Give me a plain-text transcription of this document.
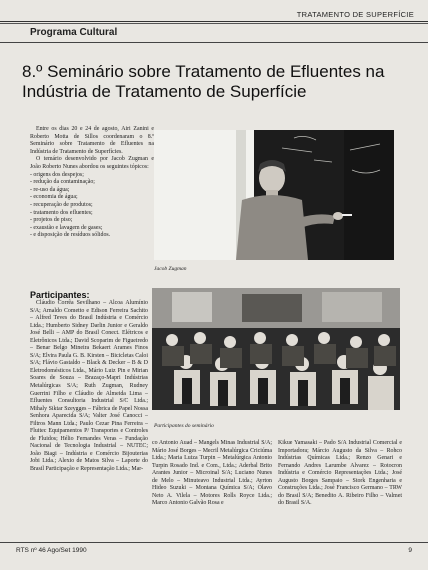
TRATAMENTO DE SUPERFÍCIE
Programa Cultural
8.º Seminário sobre Tratamento de Efluentes na Indústria de Tratamento de Superfície

Entre os dias 20 e 24 de agosto, Airi Zanini e Roberto Motta de Sillos coordenaram o 8.º Seminário sobre Tratamento de Efluentes na Indústria de Tratamento de Superfícies.

O temário desenvolvido por Jacob Zugman e João Roberto Nunes abordou os seguintes tópicos:

- origens dos despejos;
- redução da contaminação;
- re-uso da água;
- economia de água;
- recuperação de produtos;
- tratamento dos efluentes;
- projetos de piso;
- exaustão e lavagem de gases;
- e disposição de resíduos sólidos.
Jacob Zugman
Participantes do seminário
Participantes:

Cláudio Corrêa Sevilhano – Alcoa Alumínio S/A; Arnaldo Cometto e Edison Ferreira Sachito – Alfred Teves do Brasil Indústria e Comércio Ltda.; Humberto Sidney Darlin Junior e Geraldo José Belli – AMP do Brasil Conect. Elétricos e Eletrônicos Ltda.; David Scoparim de Figueiredo – Benar Belgo Mineira Bekaert Arames Finos S/A; Elvira Paula G. B. Kirsten – Bicicletas Caloi S/A; Flávio Gastaldo – Black & Decker – B & D Eletrodomésticos Ltda., Mário Luiz Pin e Mirian Soares de Souza – Brazaço-Mapri Indústrias Metalúrgicas S/A; Ruth Zugman, Rudney Guerrini Filho e Cláudio de Almeida Lima – Efluentes Consultoria Industrial S/C Ltda.; Mihaly Siktar Szeygges – Fábrica de Papel Nossa Senhora Aparecida S/A; Valter José Canocci – Filtros Mann Ltda.; Paulo Cezar Pina Ferreira – Fluitec Equipamentos P/ Transportes e Controles de Fluidos; Hélio Fernandes Veras – Fundação Nacional de Tecnologia Industrial – NUTEC; João Biagi – Indústria e Comércio Bijouterias Jobi Ltda.; Alexio de Matos Silva – Laporte do Brasil Participação e Representação Ltda.; Mar-

co Antonio Auad – Mangels Minas Industrial S/A; Mário José Borges – Mecril Metalúrgica Criciúma Ltda.; Maria Luiza Turpin – Metalúrgica Antonio Turpin Rosado Ind. e Com., Ltda.; Aderbal Brito Arantes Junior – Microinal S/A; Luciano Nunes de Melo – Minuteavo Industrial Ltda.; Ayrton Hideo Suzuki – Montana Química S/A; Olavo Neto A. Vilela – Motores Rolls Royce Ltda.; Marco Antonio Galvão Rosa e

Kikue Yamasaki – Pado S/A Industrial Comercial e Importadora; Márcio Augusto da Silva – Rohco Indústrias Químicas Ltda.; Renzo Genari e Fernando Andres Larumbe Alvarez – Rotocron Indústria e Comércio Representações Ltda.; José Augusto Borges Sampaio – Stork Engenharia e Construções Ltda.; José Francisco Germano – TRW do Brasil S/A; Benedito A. Ribeiro Filho – Valmet do Brasil S/A.

RTS nº 46 Ago/Set 1990	9
